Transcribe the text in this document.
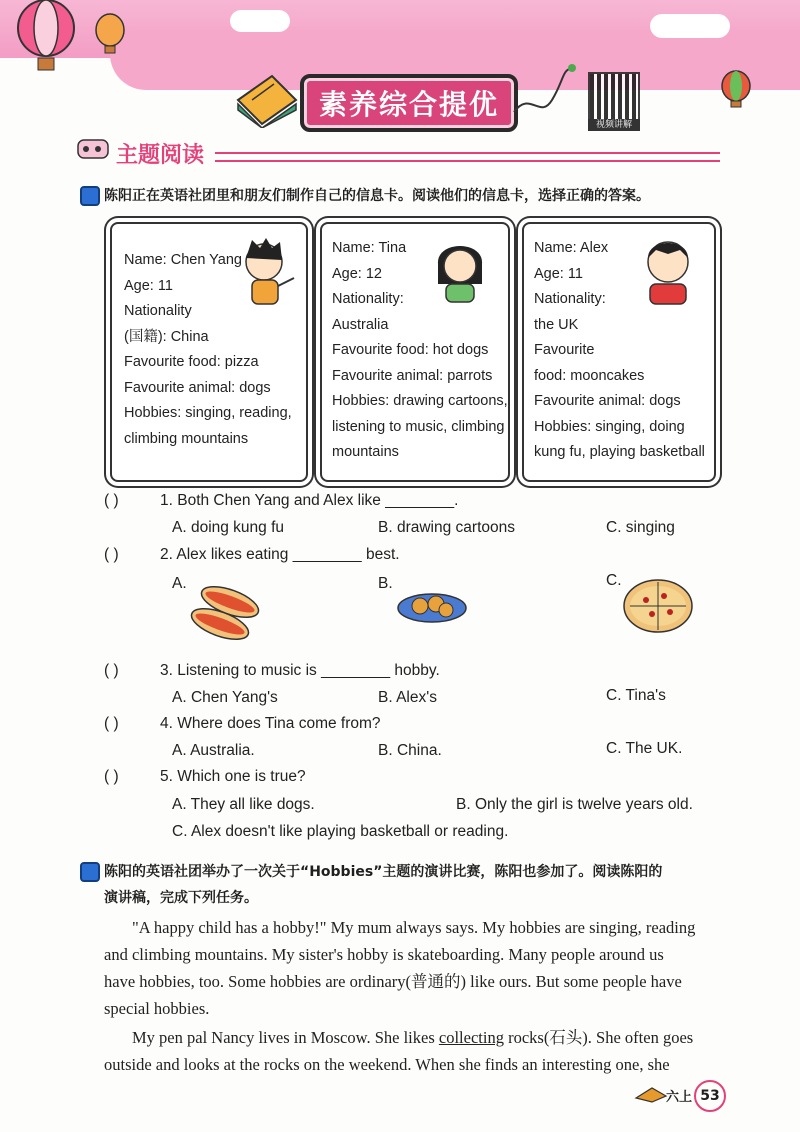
素养综合提优
视频讲解
主题阅读
陈阳正在英语社团里和朋友们制作自己的信息卡。阅读他们的信息卡，选择正确的答案。
Name: Chen Yang
Age: 11
Nationality
(国籍): China
Favourite food: pizza
Favourite animal: dogs
Hobbies: singing, reading,
climbing mountains
Name: Tina
Age: 12
Nationality:
Australia
Favourite food: hot dogs
Favourite animal: parrots
Hobbies: drawing cartoons,
listening to music, climbing
mountains
Name: Alex
Age: 11
Nationality:
the UK
Favourite
food: mooncakes
Favourite animal: dogs
Hobbies: singing, doing
kung fu, playing basketball
( )	1. Both Chen Yang and Alex like ________.
A. doing kung fu	B. drawing cartoons	C. singing
( )	2. Alex likes eating ________ best.
A.	B.	C.
( )	3. Listening to music is ________ hobby.
A. Chen Yang's	B. Alex's	C. Tina's
( )	4. Where does Tina come from?
A. Australia.	B. China.	C. The UK.
( )	5. Which one is true?
A. They all like dogs.	B. Only the girl is twelve years old.
C. Alex doesn't like playing basketball or reading.
陈阳的英语社团举办了一次关于“Hobbies”主题的演讲比赛，陈阳也参加了。阅读陈阳的
演讲稿，完成下列任务。
"A happy child has a hobby!" My mum always says. My hobbies are singing, reading
and climbing mountains. My sister's hobby is skateboarding. Many people around us
have hobbies, too. Some hobbies are ordinary(普通的) like ours. But some people have
special hobbies.
My pen pal Nancy lives in Moscow. She likes collecting rocks(石头). She often goes
outside and looks at the rocks on the weekend. When she finds an interesting one, she
六上 53
